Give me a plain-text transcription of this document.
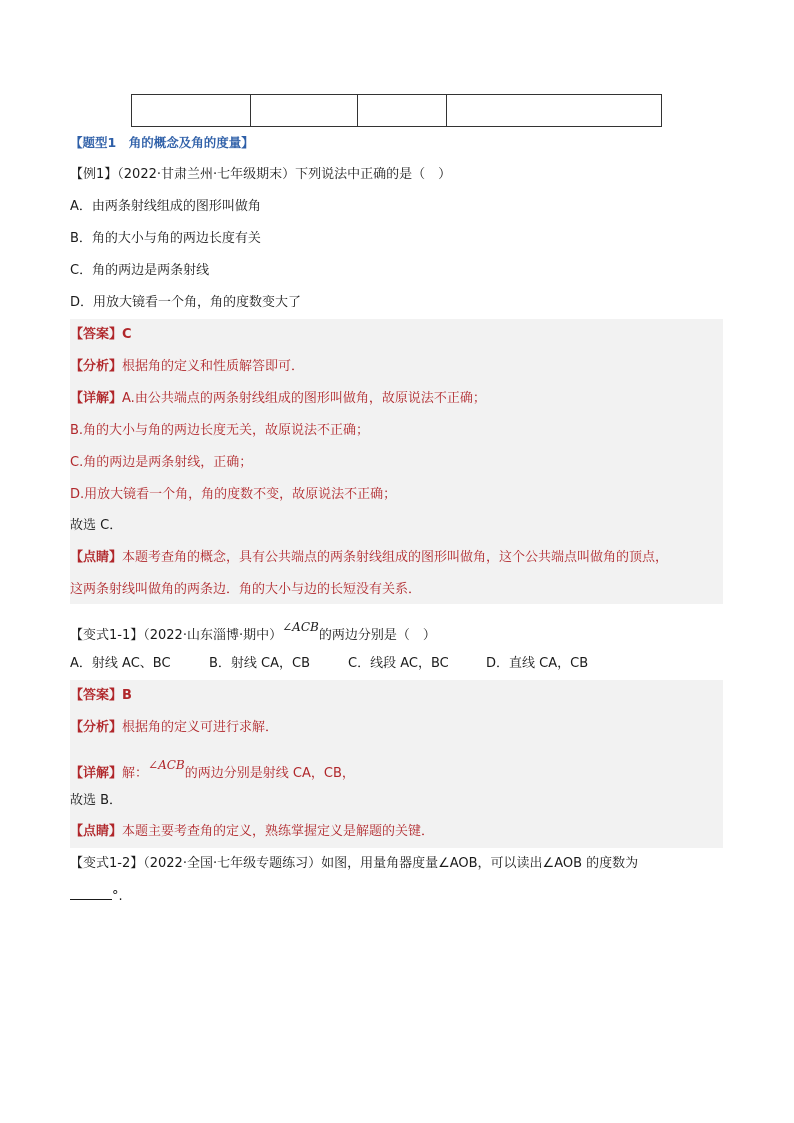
【题型1　角的概念及角的度量】
【例1】（2022·甘肃兰州·七年级期末）下列说法中正确的是（　）
A．由两条射线组成的图形叫做角
B．角的大小与角的两边长度有关
C．角的两边是两条射线
D．用放大镜看一个角，角的度数变大了
【答案】C
【分析】根据角的定义和性质解答即可．
【详解】A.由公共端点的两条射线组成的图形叫做角，故原说法不正确；
B.角的大小与角的两边长度无关，故原说法不正确；
C.角的两边是两条射线，正确；
D.用放大镜看一个角，角的度数不变，故原说法不正确；
故选 C．
【点睛】本题考查角的概念，具有公共端点的两条射线组成的图形叫做角，这个公共端点叫做角的顶点，
这两条射线叫做角的两条边．角的大小与边的长短没有关系．
【变式1-1】（2022·山东淄博·期中）∠ACB的两边分别是（　）
A．射线 AC、BC	B．射线 CA，CB	C．线段 AC，BC	D．直线 CA，CB
【答案】B
【分析】根据角的定义可进行求解．
【详解】解：∠ACB的两边分别是射线 CA，CB，
故选 B．
【点睛】本题主要考查角的定义，熟练掌握定义是解题的关键．
【变式1-2】（2022·全国·七年级专题练习）如图，用量角器度量∠AOB，可以读出∠AOB 的度数为
°.
